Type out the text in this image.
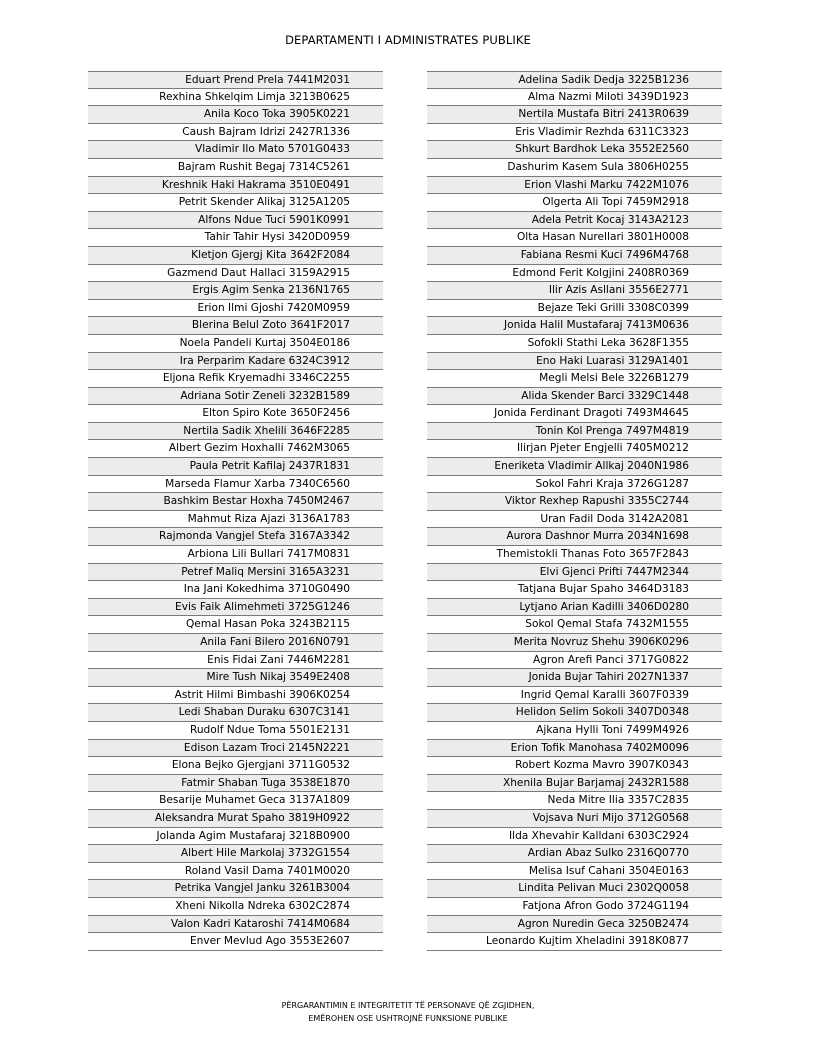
DEPARTAMENTI I ADMINISTRATES PUBLIKE
Eduart Prend Prela 7441M2031
Rexhina Shkelqim Limja 3213B0625
Anila Koco Toka 3905K0221
Caush Bajram Idrizi 2427R1336
Vladimir Ilo Mato 5701G0433
Bajram Rushit Begaj 7314C5261
Kreshnik Haki Hakrama 3510E0491
Petrit Skender Alikaj 3125A1205
Alfons Ndue Tuci 5901K0991
Tahir Tahir Hysi 3420D0959
Kletjon Gjergj Kita 3642F2084
Gazmend Daut Hallaci 3159A2915
Ergis Agim Senka 2136N1765
Erion Ilmi Gjoshi 7420M0959
Blerina Belul Zoto 3641F2017
Noela Pandeli Kurtaj 3504E0186
Ira Perparim Kadare 6324C3912
Eljona Refik Kryemadhi 3346C2255
Adriana Sotir Zeneli 3232B1589
Elton Spiro Kote 3650F2456
Nertila Sadik Xhelili 3646F2285
Albert Gezim Hoxhalli 7462M3065
Paula Petrit Kafilaj 2437R1831
Marseda Flamur Xarba 7340C6560
Bashkim Bestar Hoxha 7450M2467
Mahmut Riza Ajazi 3136A1783
Rajmonda Vangjel Stefa 3167A3342
Arbiona Lili Bullari 7417M0831
Petref Maliq Mersini 3165A3231
Ina Jani Kokedhima 3710G0490
Evis Faik Alimehmeti 3725G1246
Qemal Hasan Poka 3243B2115
Anila Fani Bilero 2016N0791
Enis Fidai Zani 7446M2281
Mire Tush Nikaj 3549E2408
Astrit Hilmi Bimbashi 3906K0254
Ledi Shaban Duraku 6307C3141
Rudolf Ndue Toma 5501E2131
Edison Lazam Troci 2145N2221
Elona Bejko Gjergjani 3711G0532
Fatmir Shaban Tuga 3538E1870
Besarije Muhamet Geca 3137A1809
Aleksandra Murat Spaho 3819H0922
Jolanda Agim Mustafaraj 3218B0900
Albert Hile Markolaj 3732G1554
Roland Vasil Dama 7401M0020
Petrika Vangjel Janku 3261B3004
Xheni Nikolla Ndreka 6302C2874
Valon Kadri Kataroshi 7414M0684
Enver Mevlud Ago 3553E2607
Adelina Sadik Dedja 3225B1236
Alma Nazmi Miloti 3439D1923
Nertila Mustafa Bitri 2413R0639
Eris Vladimir Rezhda 6311C3323
Shkurt Bardhok Leka 3552E2560
Dashurim Kasem Sula 3806H0255
Erion Vlashi Marku 7422M1076
Olgerta Ali Topi 7459M2918
Adela Petrit Kocaj 3143A2123
Olta Hasan Nurellari 3801H0008
Fabiana Resmi Kuci 7496M4768
Edmond Ferit Kolgjini 2408R0369
Ilir Azis Asllani 3556E2771
Bejaze Teki Grilli 3308C0399
Jonida Halil Mustafaraj 7413M0636
Sofokli Stathi Leka 3628F1355
Eno Haki Luarasi 3129A1401
Megli Melsi Bele 3226B1279
Alida Skender Barci 3329C1448
Jonida Ferdinant Dragoti 7493M4645
Tonin Kol Prenga 7497M4819
Ilirjan Pjeter Engjelli 7405M0212
Eneriketa Vladimir Allkaj 2040N1986
Sokol Fahri Kraja 3726G1287
Viktor Rexhep Rapushi 3355C2744
Uran Fadil Doda 3142A2081
Aurora Dashnor Murra 2034N1698
Themistokli Thanas Foto 3657F2843
Elvi Gjenci Prifti 7447M2344
Tatjana Bujar Spaho 3464D3183
Lytjano Arian Kadilli 3406D0280
Sokol Qemal Stafa 7432M1555
Merita Novruz Shehu 3906K0296
Agron Arefi Panci 3717G0822
Jonida Bujar Tahiri 2027N1337
Ingrid Qemal Karalli 3607F0339
Helidon Selim Sokoli 3407D0348
Ajkana Hylli Toni 7499M4926
Erion Tofik Manohasa 7402M0096
Robert Kozma Mavro 3907K0343
Xhenila Bujar Barjamaj 2432R1588
Neda Mitre Ilia 3357C2835
Vojsava Nuri Mijo 3712G0568
Ilda Xhevahir Kalldani 6303C2924
Ardian Abaz Sulko 2316Q0770
Melisa Isuf Cahani 3504E0163
Lindita Pelivan Muci 2302Q0058
Fatjona Afron Godo 3724G1194
Agron Nuredin Geca 3250B2474
Leonardo Kujtim Xheladini 3918K0877
PËRGARANTIMIN E INTEGRITETIT TË PERSONAVE QË ZGJIDHEN,
EMËROHEN OSE USHTROJNË FUNKSIONE PUBLIKE
